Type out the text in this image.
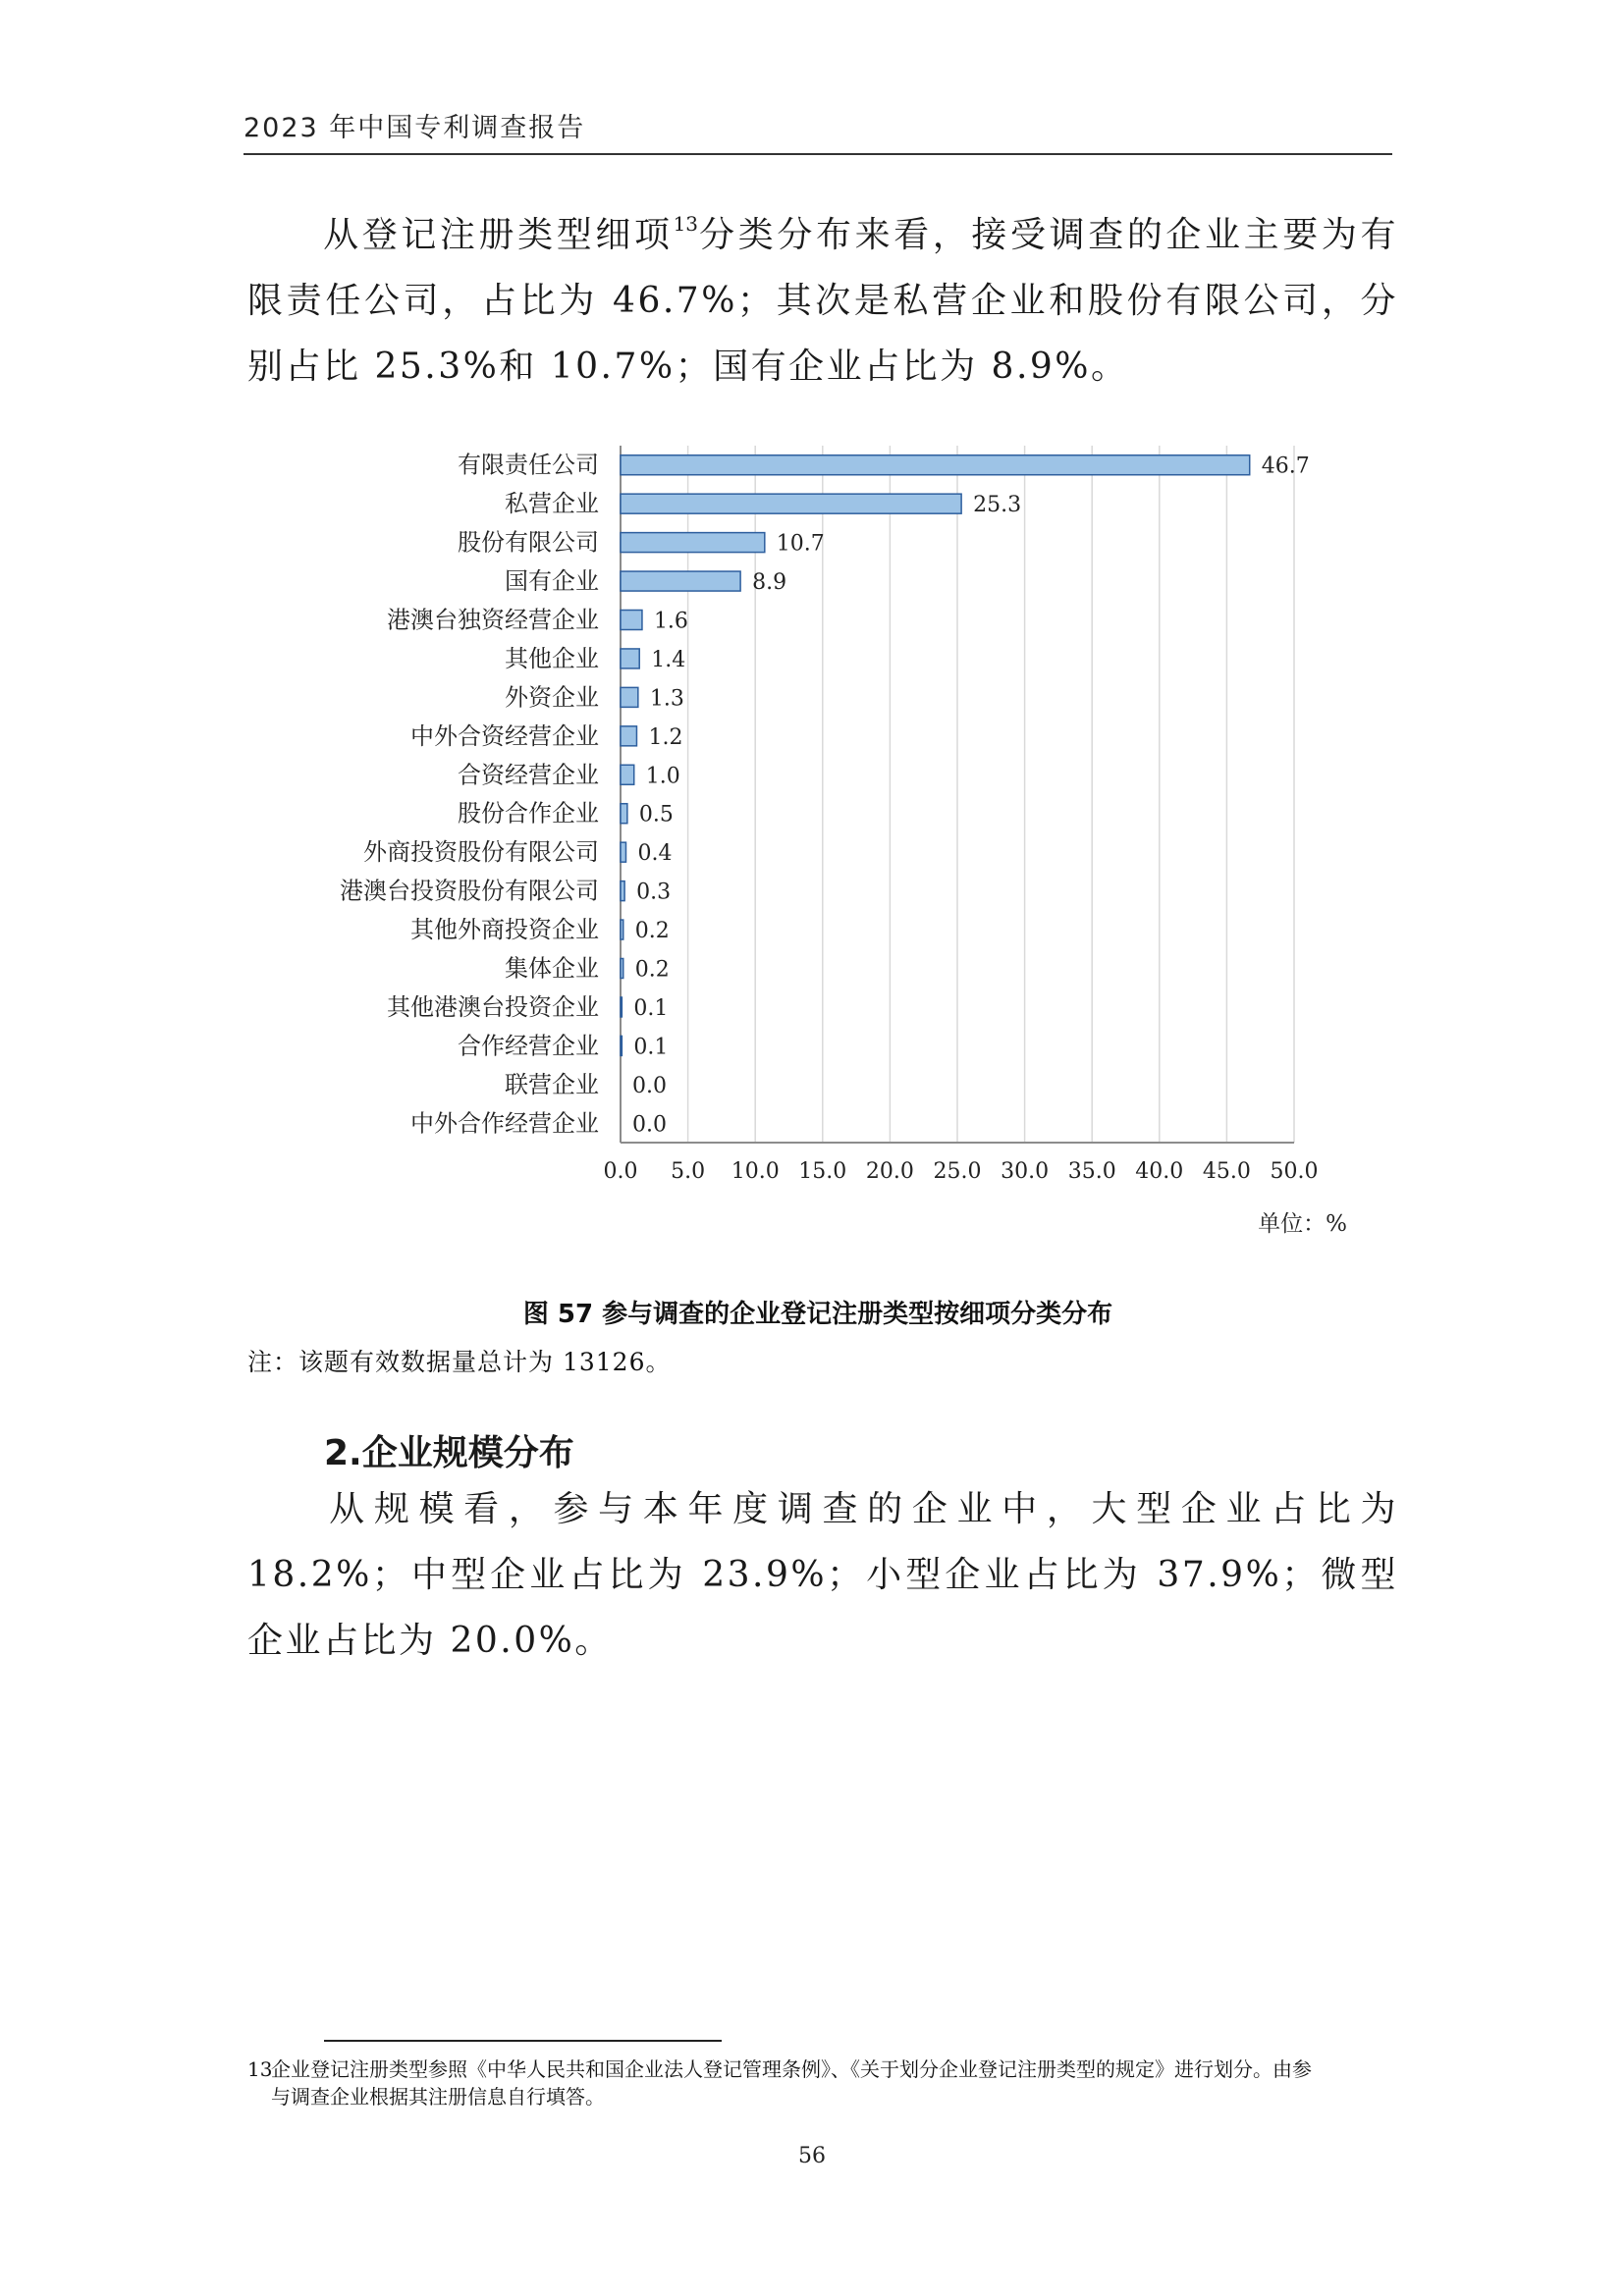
2023 年中国专利调查报告

从登记注册类型细项$^{13}$分类分布来看，接受调查的企业主要为有限责任公司，占比为 46.7%；其次是私营企业和股份有限公司，分别占比 25.3%和 10.7%；国有企业占比为 8.9%。

0.0 5.0 10.0 15.0 20.0 25.0 30.0 35.0 40.0 45.0 50.0
有限责任公司	46.7
私营企业	25.3
股份有限公司	10.7
国有企业	8.9
港澳台独资经营企业	1.6
其他企业 1.4
外资企业 1.3
中外合资经营企业 1.2
合资经营企业 1.0
股份合作企业 0.5
外商投资股份有限公司 0.4
港澳台投资股份有限公司 0.3
其他外商投资企业 0.2
集体企业 0.2
其他港澳台投资企业 0.1
合作经营企业 0.1
联营企业 0.0
中外合作经营企业 0.0
单位：%
图 57 参与调查的企业登记注册类型按细项分类分布
注：该题有效数据量总计为 13126。
2.企业规模分布

从规模看，参与本年度调查的企业中，大型企业占比为 18.2%；中型企业占比为 23.9%；小型企业占比为 37.9%；微型企业占比为 20.0%。

13企业登记注册类型参照《中华人民共和国企业法人登记管理条例》、《关于划分企业登记注册类型的规定》进行划分。由参
与调查企业根据其注册信息自行填答。
56
